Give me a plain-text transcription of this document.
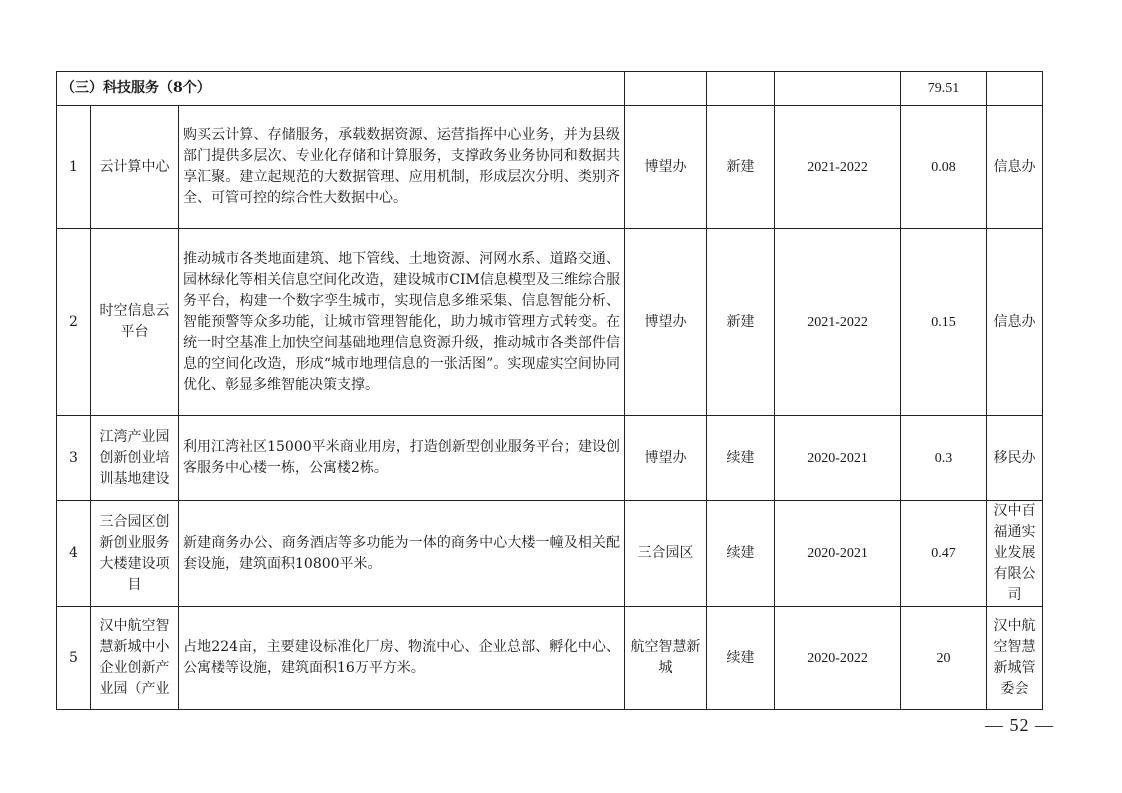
（三）科技服务（8个）						79.51	
1	云计算中心	购买云计算、存储服务，承载数据资源、运营指挥中心业务，并为县级部门提供多层次、专业化存储和计算服务，支撑政务业务协同和数据共享汇聚。建立起规范的大数据管理、应用机制，形成层次分明、类别齐全、可管可控的综合性大数据中心。	博望办	新建	2021-2022	0.08	信息办
2	时空信息云平台	推动城市各类地面建筑、地下管线、土地资源、河网水系、道路交通、园林绿化等相关信息空间化改造，建设城市CIM信息模型及三维综合服务平台，构建一个数字孪生城市，实现信息多维采集、信息智能分析、智能预警等众多功能，让城市管理智能化，助力城市管理方式转变。在统一时空基准上加快空间基础地理信息资源升级，推动城市各类部件信息的空间化改造，形成“城市地理信息的一张活图”。实现虚实空间协同优化、彰显多维智能决策支撑。	博望办	新建	2021-2022	0.15	信息办
3	江湾产业园创新创业培训基地建设	利用江湾社区15000平米商业用房，打造创新型创业服务平台；建设创客服务中心楼一栋，公寓楼2栋。	博望办	续建	2020-2021	0.3	移民办
4	三合园区创新创业服务大楼建设项目	新建商务办公、商务酒店等多功能为一体的商务中心大楼一幢及相关配套设施，建筑面积10800平米。	三合园区	续建	2020-2021	0.47	汉中百福通实业发展有限公司
5	汉中航空智慧新城中小企业创新产业园（产业	占地224亩，主要建设标准化厂房、物流中心、企业总部、孵化中心、公寓楼等设施，建筑面积16万平方米。	航空智慧新城	续建	2020-2022	20	汉中航空智慧新城管委会
— 52 —
